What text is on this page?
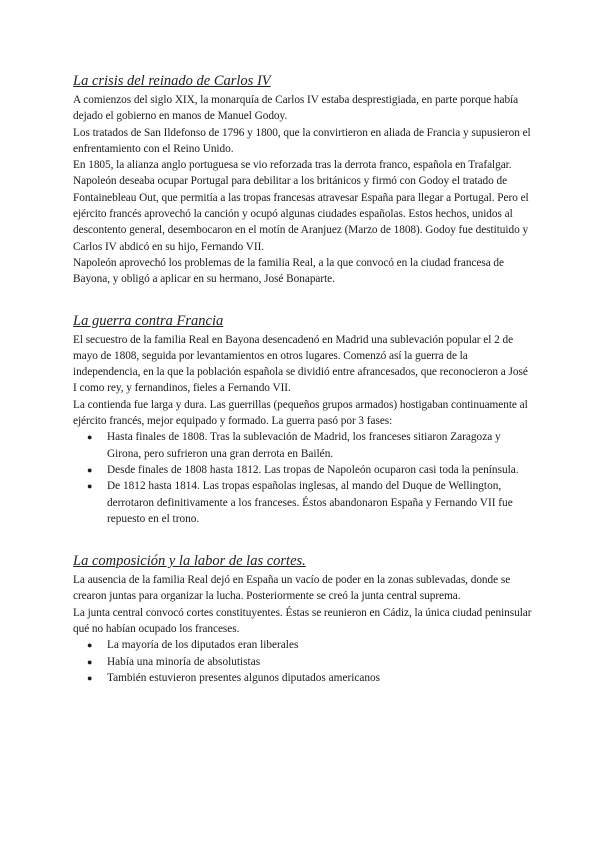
La crisis del reinado de Carlos IV

A comienzos del siglo XIX, la monarquía de Carlos IV estaba desprestigiada, en parte porque había dejado el gobierno en manos de Manuel Godoy.

Los tratados de San Ildefonso de 1796 y 1800, que la convirtieron en aliada de Francia y supusieron el enfrentamiento con el Reino Unido.

En 1805, la alianza anglo portuguesa se vio reforzada tras la derrota franco, española en Trafalgar. Napoleón deseaba ocupar Portugal para debilitar a los británicos y firmó con Godoy el tratado de Fontainebleau Out, que permitía a las tropas francesas atravesar España para llegar a Portugal. Pero el ejército francés aprovechó la canción y ocupó algunas ciudades españolas. Estos hechos, unidos al descontento general, desembocaron en el motín de Aranjuez (Marzo de 1808). Godoy fue destituido y Carlos IV abdicó en su hijo, Fernando VII.

Napoleón aprovechó los problemas de la familia Real, a la que convocó en la ciudad francesa de Bayona, y obligó a aplicar en su hermano, José Bonaparte.

La guerra contra Francia

El secuestro de la familia Real en Bayona desencadenó en Madrid una sublevación popular el 2 de mayo de 1808, seguida por levantamientos en otros lugares. Comenzó así la guerra de la independencia, en la que la población española se dividió entre afrancesados, que reconocieron a José I como rey, y fernandinos, fieles a Fernando VII.

La contienda fue larga y dura. Las guerrillas (pequeños grupos armados) hostigaban continuamente al ejército francés, mejor equipado y formado. La guerra pasó por 3 fases:

● Hasta finales de 1808. Tras la sublevación de Madrid, los franceses sitiaron Zaragoza y Girona, pero sufrieron una gran derrota en Bailén.
● Desde finales de 1808 hasta 1812. Las tropas de Napoleón ocuparon casi toda la península.
● De 1812 hasta 1814. Las tropas españolas inglesas, al mando del Duque de Wellington, derrotaron definitivamente a los franceses. Éstos abandonaron España y Fernando VII fue repuesto en el trono.
La composición y la labor de las cortes.

La ausencia de la familia Real dejó en España un vacío de poder en la zonas sublevadas, donde se crearon juntas para organizar la lucha. Posteriormente se creó la junta central suprema.

La junta central convocó cortes constituyentes. Éstas se reunieron en Cádiz, la única ciudad peninsular qué no habían ocupado los franceses.

● La mayoría de los diputados eran liberales
● Había una minoría de absolutistas
● También estuvieron presentes algunos diputados americanos
